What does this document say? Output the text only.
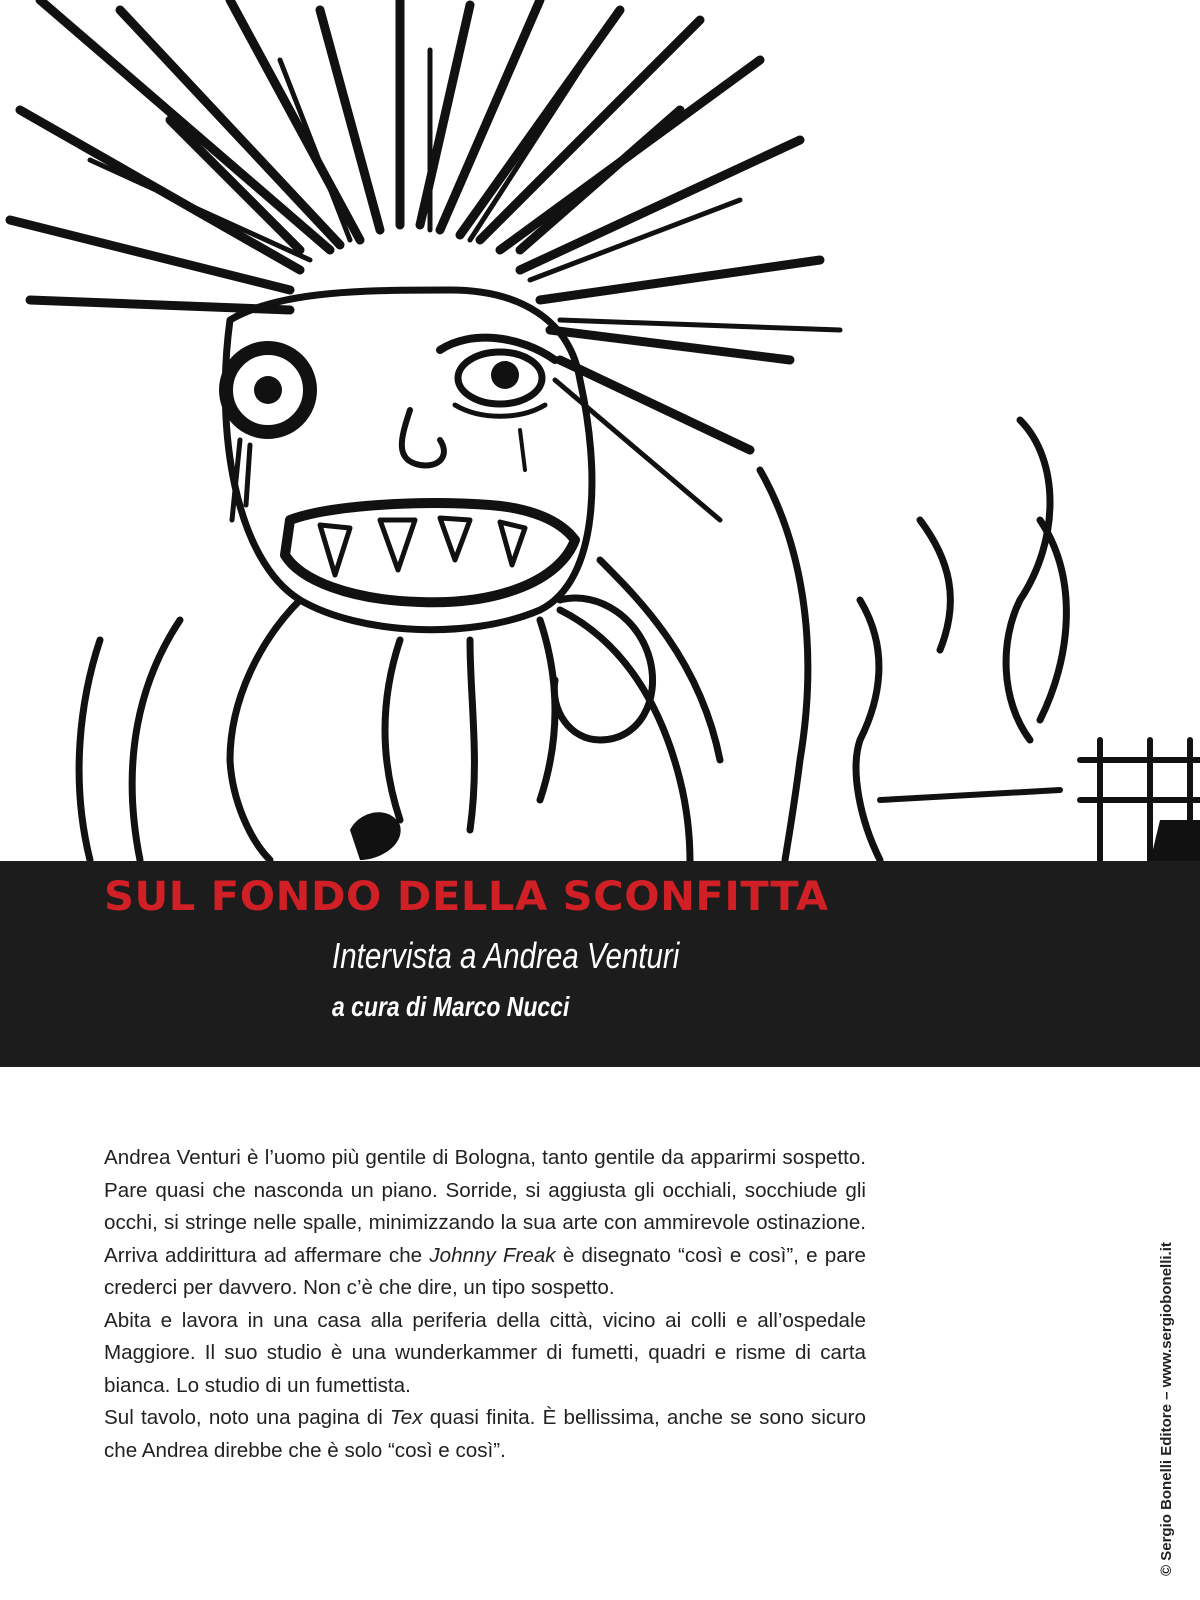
SUL FONDO DELLA SCONFITTA
Intervista a Andrea Venturi
a cura di Marco Nucci

Andrea Venturi è l’uomo più gentile di Bologna, tanto gentile da apparirmi sospetto. Pare quasi che nasconda un piano. Sorride, si aggiusta gli occhiali, socchiude gli occhi, si stringe nelle spalle, minimizzando la sua arte con ammirevole ostinazione. Arriva addirittura ad affermare che Johnny Freak è disegnato “così e così”, e pare crederci per davvero. Non c’è che dire, un tipo sospetto.

Abita e lavora in una casa alla periferia della città, vicino ai colli e all’ospedale Maggiore. Il suo studio è una wunderkammer di fumetti, quadri e risme di carta bianca. Lo studio di un fumettista.

Sul tavolo, noto una pagina di Tex quasi finita. È bellissima, anche se sono sicuro che Andrea direbbe che è solo “così e così”.	© Sergio Bonelli Editore – www.sergiobonelli.it
